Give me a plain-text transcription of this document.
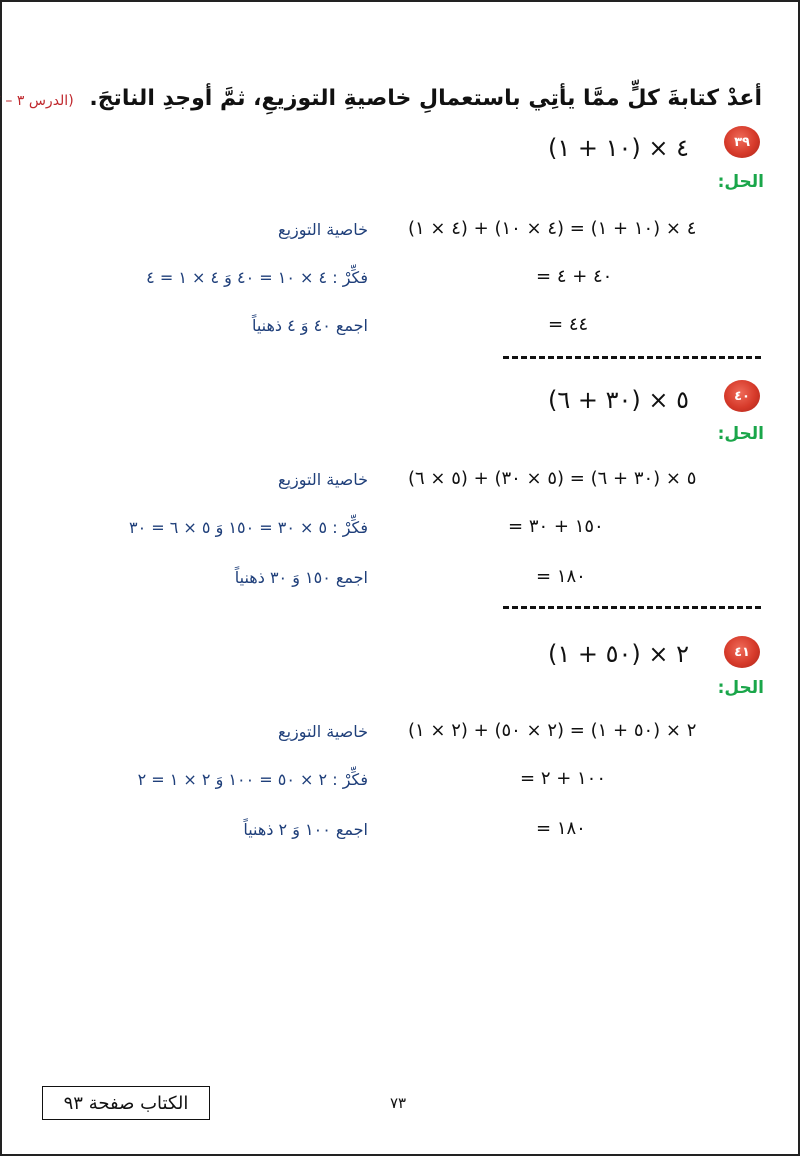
أعدْ كتابةَ كلٍّ ممَّا يأتِي باستعمالِ خاصيةِ التوزيعِ، ثمَّ أوجدِ الناتجَ. (الدرس ٣ –
٣٩
٤ × (١٠ + ١)
الحل:
٤ × (١٠ + ١) = (٤ × ١٠) + (٤ × ١)
خاصية التوزيع
= ٤٠ + ٤
فكِّرْ : ٤ × ١٠ = ٤٠ وَ ٤ × ١ = ٤
= ٤٤
اجمع ٤٠ وَ ٤ ذهنياً
٤٠
٥ × (٣٠ + ٦)
الحل:
٥ × (٣٠ + ٦) = (٥ × ٣٠) + (٥ × ٦)
خاصية التوزيع
= ١٥٠ + ٣٠
فكِّرْ : ٥ × ٣٠ = ١٥٠ وَ ٥ × ٦ = ٣٠
= ١٨٠
اجمع ١٥٠ وَ ٣٠ ذهنياً
٤١
٢ × (٥٠ + ١)
الحل:
٢ × (٥٠ + ١) = (٢ × ٥٠) + (٢ × ١)
خاصية التوزيع
= ١٠٠ + ٢
فكِّرْ : ٢ × ٥٠ = ١٠٠ وَ ٢ × ١ = ٢
= ١٨٠
اجمع ١٠٠ وَ ٢ ذهنياً
الكتاب صفحة ٩٣	٧٣
